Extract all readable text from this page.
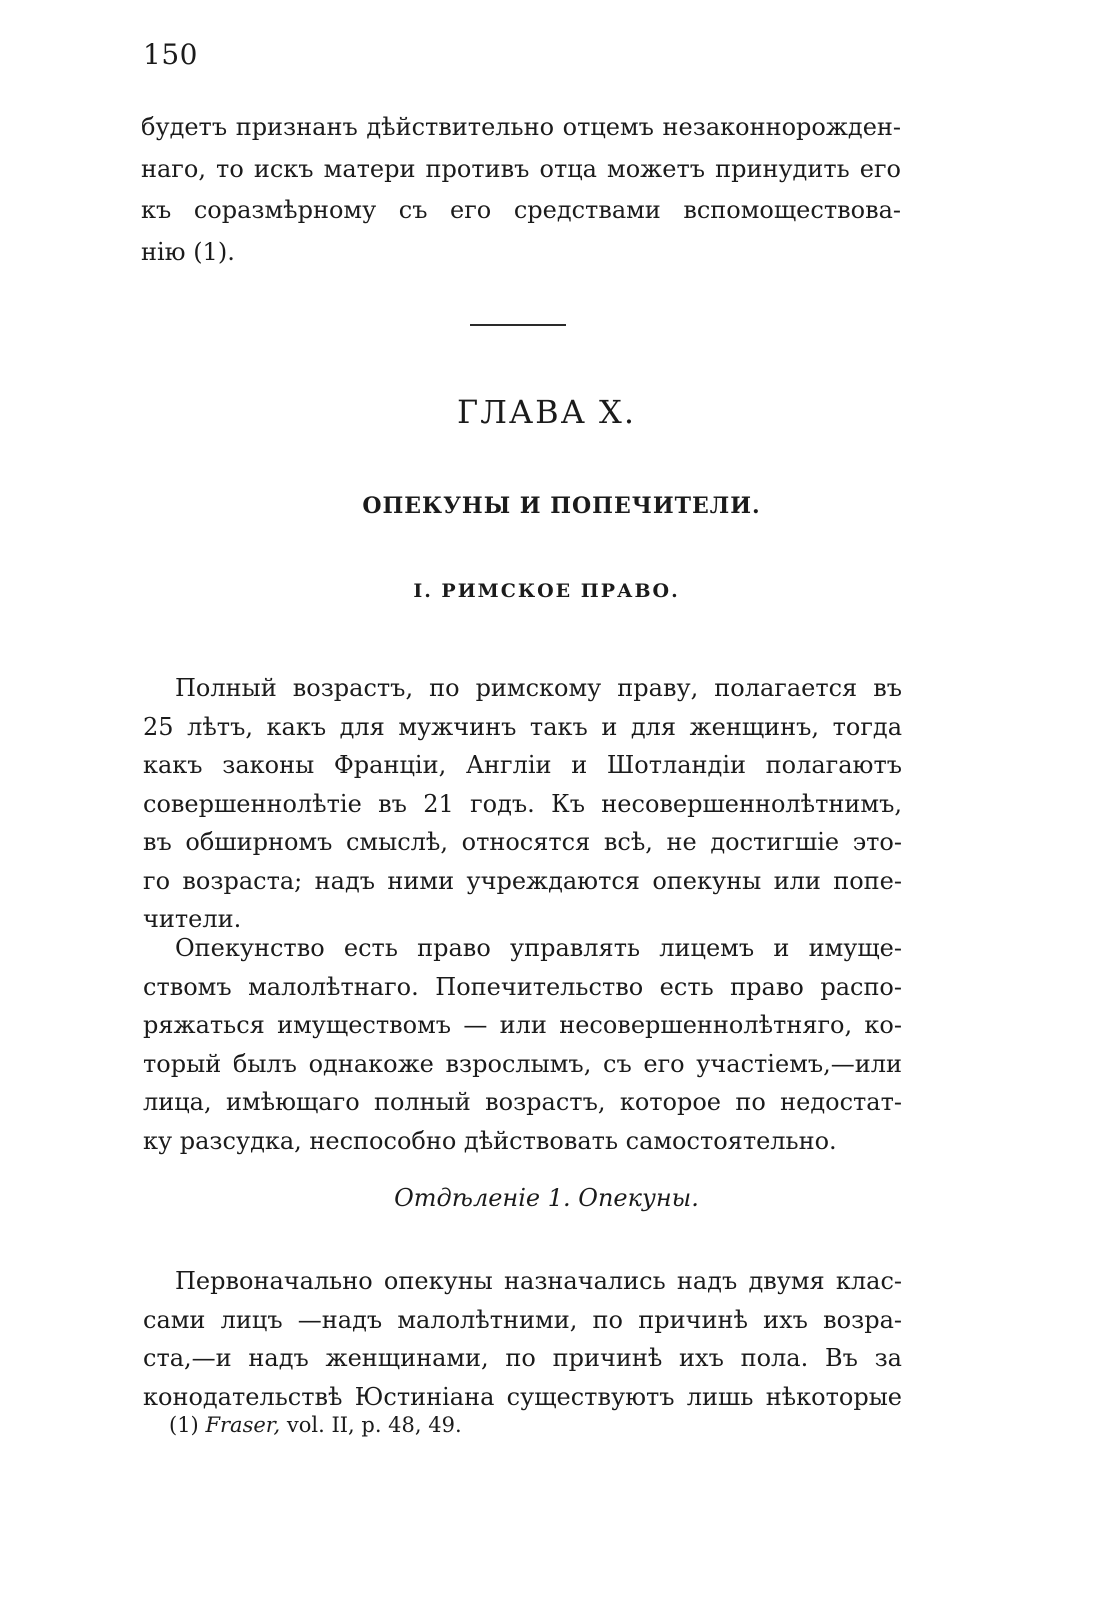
150
будетъ признанъ дѣйствительно отцемъ незаконнорожден-
наго, то искъ матери противъ отца можетъ принудить его
къ соразмѣрному съ его средствами вспомоществова-
нію (1).
ГЛАВА X.
ОПЕКУНЫ И ПОПЕЧИТЕЛИ.
I. РИМСКОЕ ПРАВО.
Полный возрастъ, по римскому праву, полагается въ
25 лѣтъ, какъ для мужчинъ такъ и для женщинъ, тогда
какъ законы Франціи, Англіи и Шотландіи полагаютъ
совершеннолѣтіе въ 21 годъ. Къ несовершеннолѣтнимъ,
въ обширномъ смыслѣ, относятся всѣ, не достигшіе это-
го возраста; надъ ними учреждаются опекуны или попе-
чители.
Опекунство есть право управлять лицемъ и имуще-
ствомъ малолѣтнаго. Попечительство есть право распо-
ряжаться имуществомъ — или несовершеннолѣтняго, ко-
торый былъ однакоже взрослымъ, съ его участіемъ,—или
лица, имѣющаго полный возрастъ, которое по недостат-
ку разсудка, неспособно дѣйствовать самостоятельно.
Отдѣленіе 1. Опекуны.
Первоначально опекуны назначались надъ двумя клас-
сами лицъ —надъ малолѣтними, по причинѣ ихъ возра-
ста,—и надъ женщинами, по причинѣ ихъ пола. Въ за
конодательствѣ Юстиніана существуютъ лишь нѣкоторые
(1) Fraser, vol. II, p. 48, 49.
